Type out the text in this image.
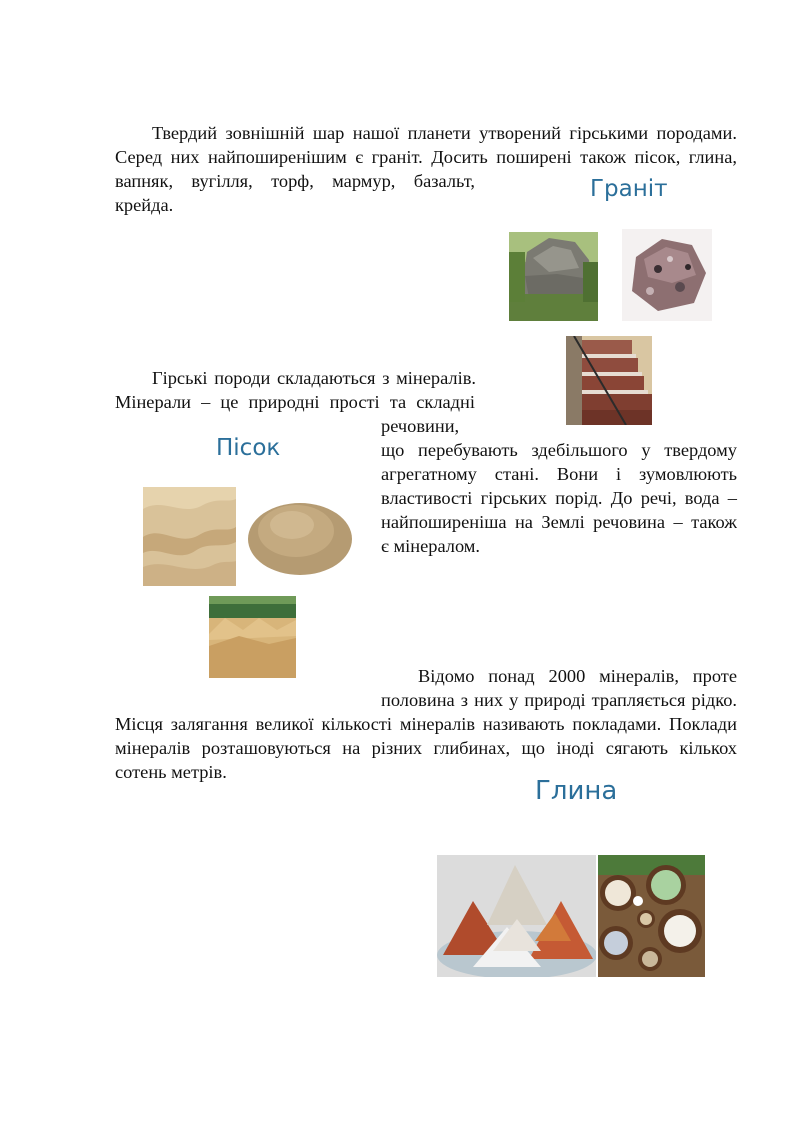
Твердий зовнішній шар нашої планети утворений гірськими породами.
Серед них найпоширенішим є граніт. Досить поширені також пісок, глина,
вапняк, вугілля, торф, мармур, базальт,
крейда.
Граніт
Гірські породи складаються з мінералів.
Мінерали – це природні прості та складні
речовини,
що перебувають здебільшого у твердому
агрегатному стані. Вони і зумовлюють
властивості гірських порід. До речі, вода –
найпоширеніша на Землі речовина – також
є мінералом.
Пісок
Відомо понад 2000 мінералів, проте
половина з них у природі трапляється рідко.
Місця залягання великої кількості мінералів називають покладами. Поклади
мінералів розташовуються на різних глибинах, що іноді сягають кількох
сотень метрів.
Глина
